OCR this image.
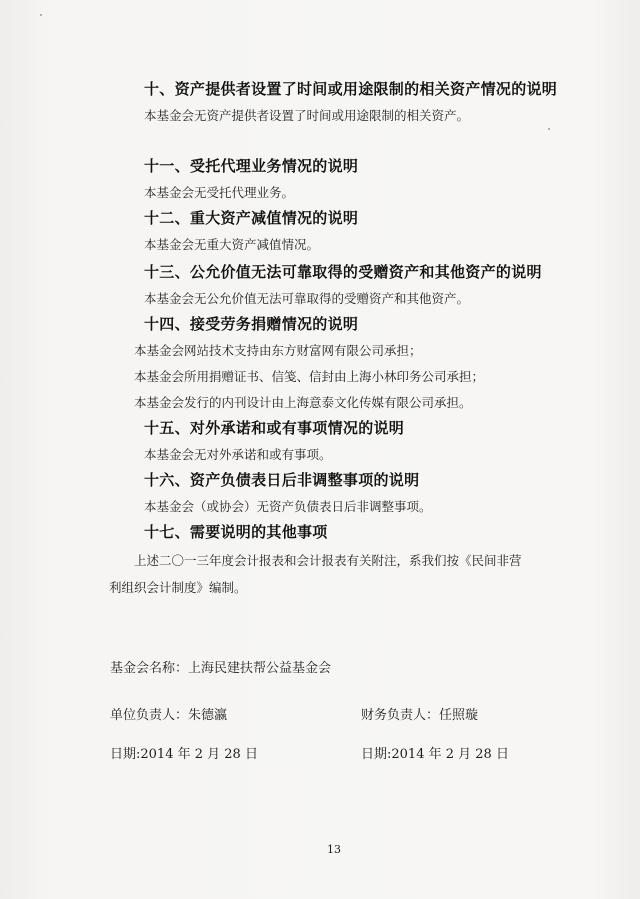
十、资产提供者设置了时间或用途限制的相关资产情况的说明
本基金会无资产提供者设置了时间或用途限制的相关资产。
十一、受托代理业务情况的说明
本基金会无受托代理业务。
十二、重大资产减值情况的说明
本基金会无重大资产减值情况。
十三、公允价值无法可靠取得的受赠资产和其他资产的说明
本基金会无公允价值无法可靠取得的受赠资产和其他资产。
十四、接受劳务捐赠情况的说明
本基金会网站技术支持由东方财富网有限公司承担；
本基金会所用捐赠证书、信笺、信封由上海小林印务公司承担；
本基金会发行的内刊设计由上海意泰文化传媒有限公司承担。
十五、对外承诺和或有事项情况的说明
本基金会无对外承诺和或有事项。
十六、资产负债表日后非调整事项的说明
本基金会（或协会）无资产负债表日后非调整事项。
十七、需要说明的其他事项
上述二〇一三年度会计报表和会计报表有关附注，系我们按《民间非营
利组织会计制度》编制。
基金会名称：上海民建扶帮公益基金会
单位负责人：朱德瀛	财务负责人：任照璇
日期:2014 年 2 月 28 日	日期:2014 年 2 月 28 日
13
